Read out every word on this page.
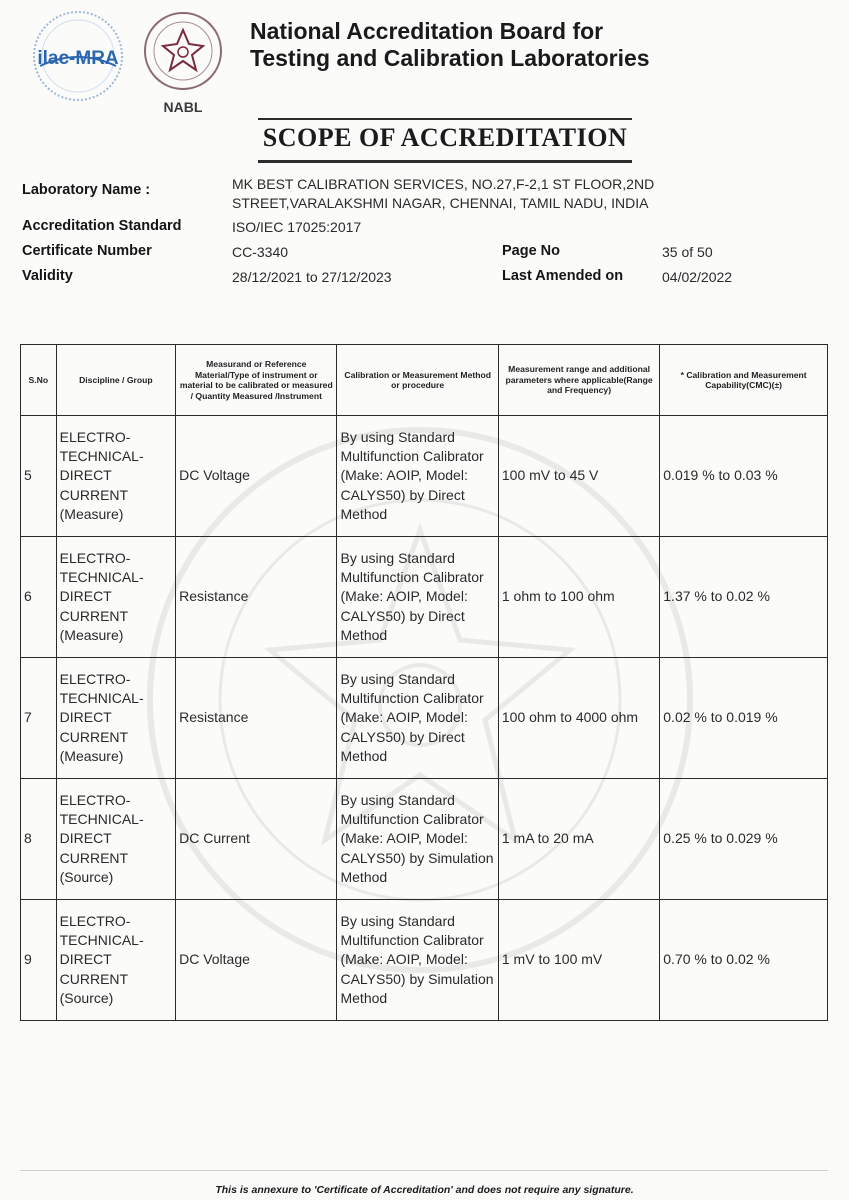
ilac-MRA
NABL
National Accreditation Board for
Testing and Calibration Laboratories
SCOPE OF ACCREDITATION
Laboratory Name :	MK BEST CALIBRATION SERVICES, NO.27,F-2,1 ST FLOOR,2ND
STREET,VARALAKSHMI NAGAR, CHENNAI, TAMIL NADU, INDIA
Accreditation Standard	ISO/IEC 17025:2017
Certificate Number	CC-3340	Page No	35 of 50
Validity	28/12/2021 to 27/12/2023	Last Amended on	04/02/2022
S.No	Discipline / Group	Measurand or Reference Material/Type of instrument or material to be calibrated or measured / Quantity Measured /Instrument	Calibration or Measurement Method or procedure	Measurement range and additional parameters where applicable(Range and Frequency)	* Calibration and Measurement Capability(CMC)(±)
5	ELECTRO-TECHNICAL-DIRECT CURRENT (Measure)	DC Voltage	By using Standard Multifunction Calibrator (Make: AOIP, Model: CALYS50) by Direct Method	100 mV to 45 V	0.019 % to 0.03 %
6	ELECTRO-TECHNICAL-DIRECT CURRENT (Measure)	Resistance	By using Standard Multifunction Calibrator (Make: AOIP, Model: CALYS50) by Direct Method	1 ohm to 100 ohm	1.37 % to 0.02 %
7	ELECTRO-TECHNICAL-DIRECT CURRENT (Measure)	Resistance	By using Standard Multifunction Calibrator (Make: AOIP, Model: CALYS50) by Direct Method	100 ohm to 4000 ohm	0.02 % to 0.019 %
8	ELECTRO-TECHNICAL-DIRECT CURRENT (Source)	DC Current	By using Standard Multifunction Calibrator (Make: AOIP, Model: CALYS50) by Simulation Method	1 mA to 20 mA	0.25 % to 0.029 %
9	ELECTRO-TECHNICAL-DIRECT CURRENT (Source)	DC Voltage	By using Standard Multifunction Calibrator (Make: AOIP, Model: CALYS50) by Simulation Method	1 mV to 100 mV	0.70 % to 0.02 %
This is annexure to 'Certificate of Accreditation' and does not require any signature.
